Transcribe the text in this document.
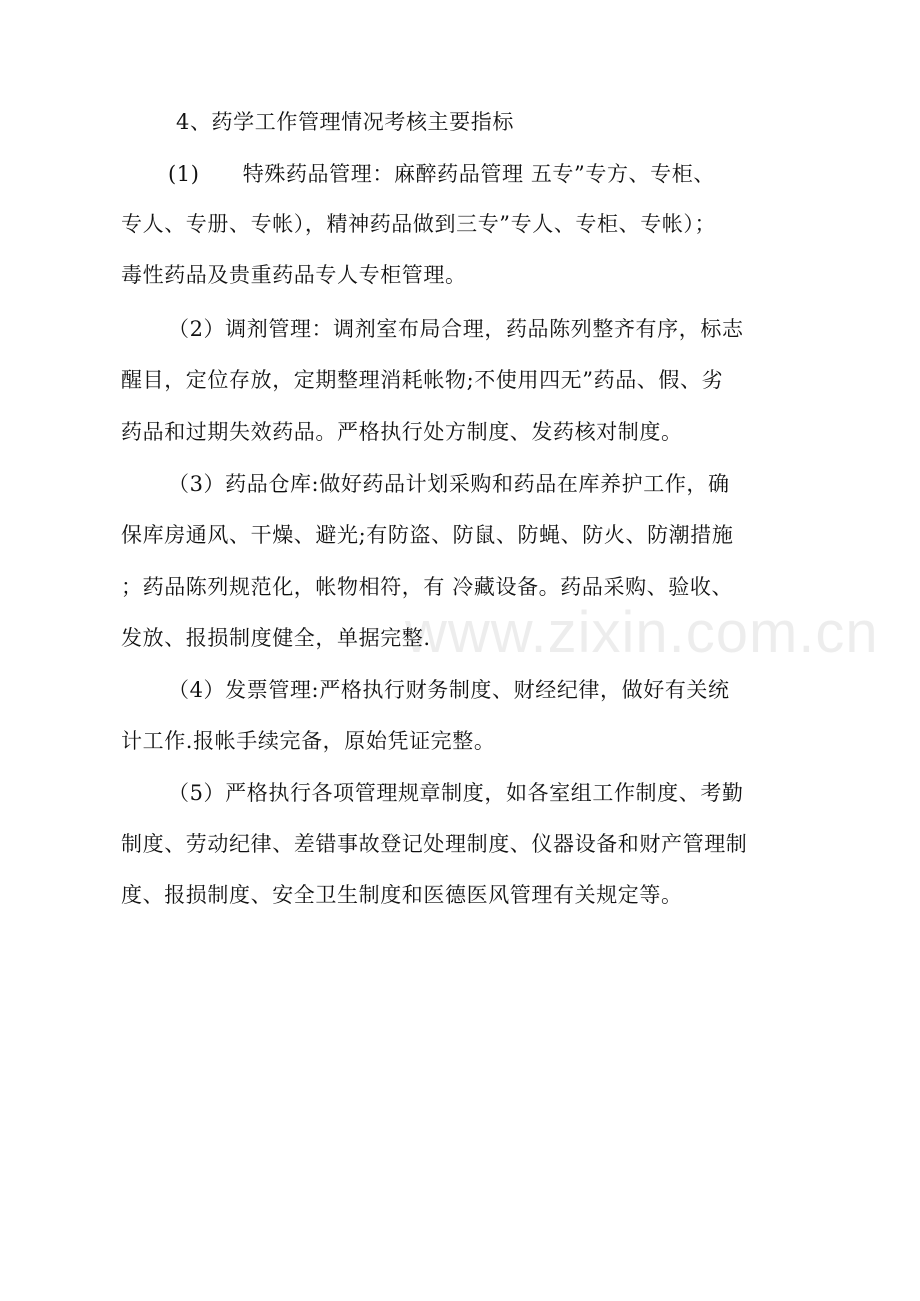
4、药学工作管理情况考核主要指标
(1)　　特殊药品管理：麻醉药品管理 五专”专方、专柜、
专人、专册、专帐），精神药品做到三专”专人、专柜、专帐）；
毒性药品及贵重药品专人专柜管理。
（2）调剂管理：调剂室布局合理，药品陈列整齐有序，标志
醒目，定位存放，定期整理消耗帐物;不使用四无”药品、假、劣
药品和过期失效药品。严格执行处方制度、发药核对制度。
（3）药品仓库:做好药品计划采购和药品在库养护工作，确
保库房通风、干燥、避光;有防盗、防鼠、防蝇、防火、防潮措施
；药品陈列规范化，帐物相符，有 冷藏设备。药品采购、验收、
发放、报损制度健全，单据完整.
（4）发票管理:严格执行财务制度、财经纪律，做好有关统
计工作.报帐手续完备，原始凭证完整。
（5）严格执行各项管理规章制度，如各室组工作制度、考勤
制度、劳动纪律、差错事故登记处理制度、仪器设备和财产管理制
度、报损制度、安全卫生制度和医德医风管理有关规定等。
www.zixin.com.cn
